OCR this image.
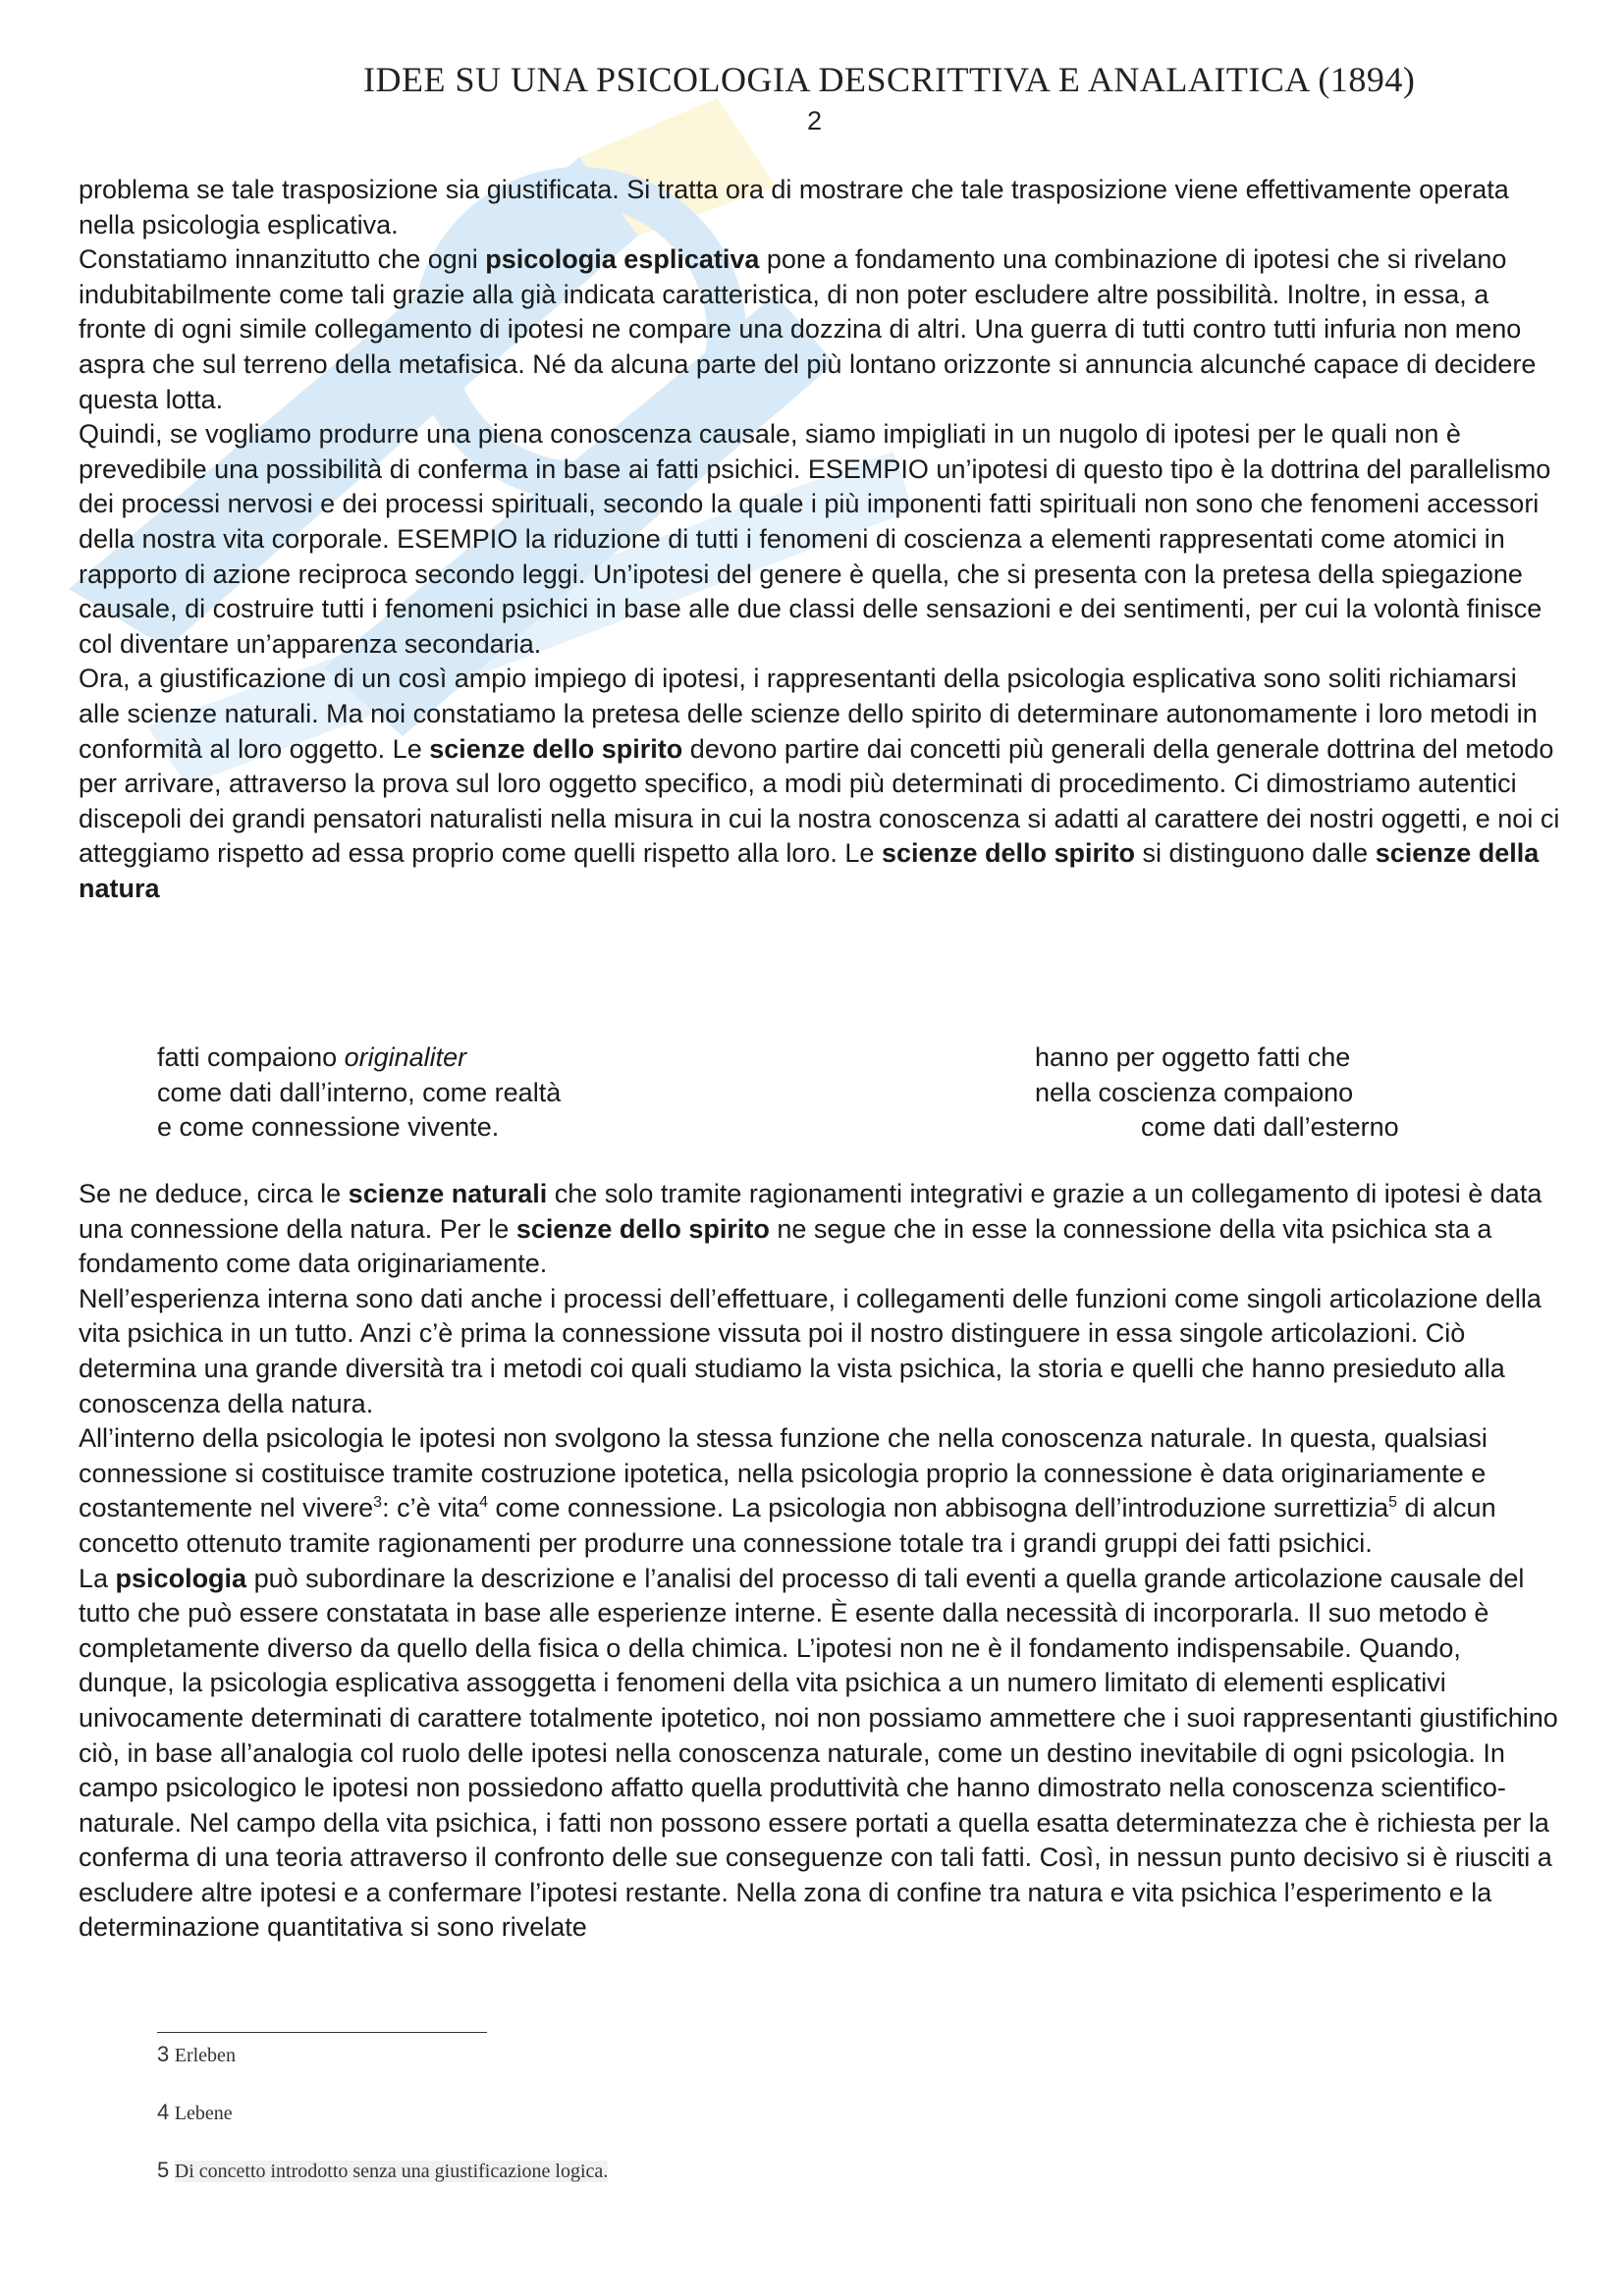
IDEE SU UNA PSICOLOGIA DESCRITTIVA E ANALAITICA (1894)
2

problema se tale trasposizione sia giustificata. Si tratta ora di mostrare che tale trasposizione viene effettivamente operata nella psicologia esplicativa.

Constatiamo innanzitutto che ogni psicologia esplicativa pone a fondamento una combinazione di ipotesi che si rivelano indubitabilmente come tali grazie alla già indicata caratteristica, di non poter escludere altre possibilità. Inoltre, in essa, a fronte di ogni simile collegamento di ipotesi ne compare una dozzina di altri. Una guerra di tutti contro tutti infuria non meno aspra che sul terreno della metafisica. Né da alcuna parte del più lontano orizzonte si annuncia alcunché capace di decidere questa lotta.

Quindi, se vogliamo produrre una piena conoscenza causale, siamo impigliati in un nugolo di ipotesi per le quali non è prevedibile una possibilità di conferma in base ai fatti psichici. ESEMPIO un’ipotesi di questo tipo è la dottrina del parallelismo dei processi nervosi e dei processi spirituali, secondo la quale i più imponenti fatti spirituali non sono che fenomeni accessori della nostra vita corporale. ESEMPIO la riduzione di tutti i fenomeni di coscienza a elementi rappresentati come atomici in rapporto di azione reciproca secondo leggi. Un’ipotesi del genere è quella, che si presenta con la pretesa della spiegazione causale, di costruire tutti i fenomeni psichici in base alle due classi delle sensazioni e dei sentimenti, per cui la volontà finisce col diventare un’apparenza secondaria.

Ora, a giustificazione di un così ampio impiego di ipotesi, i rappresentanti della psicologia esplicativa sono soliti richiamarsi alle scienze naturali. Ma noi constatiamo la pretesa delle scienze dello spirito di determinare autonomamente i loro metodi in conformità al loro oggetto. Le scienze dello spirito devono partire dai concetti più generali della generale dottrina del metodo per arrivare, attraverso la prova sul loro oggetto specifico, a modi più determinati di procedimento. Ci dimostriamo autentici discepoli dei grandi pensatori naturalisti nella misura in cui la nostra conoscenza si adatti al carattere dei nostri oggetti, e noi ci atteggiamo rispetto ad essa proprio come quelli rispetto alla loro. Le scienze dello spirito si distinguono dalle scienze della natura

fatti compaiono originaliter
come dati dall’interno, come realtà
e come connessione vivente.
hanno per oggetto fatti che
nella coscienza compaiono
come dati dall’esterno

Se ne deduce, circa le scienze naturali che solo tramite ragionamenti integrativi e grazie a un collegamento di ipotesi è data una connessione della natura. Per le scienze dello spirito ne segue che in esse la connessione della vita psichica sta a fondamento come data originariamente.

Nell’esperienza interna sono dati anche i processi dell’effettuare, i collegamenti delle funzioni come singoli articolazione della vita psichica in un tutto. Anzi c’è prima la connessione vissuta poi il nostro distinguere in essa singole articolazioni. Ciò determina una grande diversità tra i metodi coi quali studiamo la vista psichica, la storia e quelli che hanno presieduto alla conoscenza della natura.

All’interno della psicologia le ipotesi non svolgono la stessa funzione che nella conoscenza naturale. In questa, qualsiasi connessione si costituisce tramite costruzione ipotetica, nella psicologia proprio la connessione è data originariamente e costantemente nel vivere$^3$: c’è vita$^4$ come connessione. La psicologia non abbisogna dell’introduzione surrettizia$^5$ di alcun concetto ottenuto tramite ragionamenti per produrre una connessione totale tra i grandi gruppi dei fatti psichici.

La psicologia può subordinare la descrizione e l’analisi del processo di tali eventi a quella grande articolazione causale del tutto che può essere constatata in base alle esperienze interne. È esente dalla necessità di incorporarla. Il suo metodo è completamente diverso da quello della fisica o della chimica. L’ipotesi non ne è il fondamento indispensabile. Quando, dunque, la psicologia esplicativa assoggetta i fenomeni della vita psichica a un numero limitato di elementi esplicativi univocamente determinati di carattere totalmente ipotetico, noi non possiamo ammettere che i suoi rappresentanti giustifichino ciò, in base all’analogia col ruolo delle ipotesi nella conoscenza naturale, come un destino inevitabile di ogni psicologia. In campo psicologico le ipotesi non possiedono affatto quella produttività che hanno dimostrato nella conoscenza scientifico-naturale. Nel campo della vita psichica, i fatti non possono essere portati a quella esatta determinatezza che è richiesta per la conferma di una teoria attraverso il confronto delle sue conseguenze con tali fatti. Così, in nessun punto decisivo si è riusciti a escludere altre ipotesi e a confermare l’ipotesi restante. Nella zona di confine tra natura e vita psichica l’esperimento e la determinazione quantitativa si sono rivelate

3 Erleben
4 Lebene
5 Di concetto introdotto senza una giustificazione logica.
